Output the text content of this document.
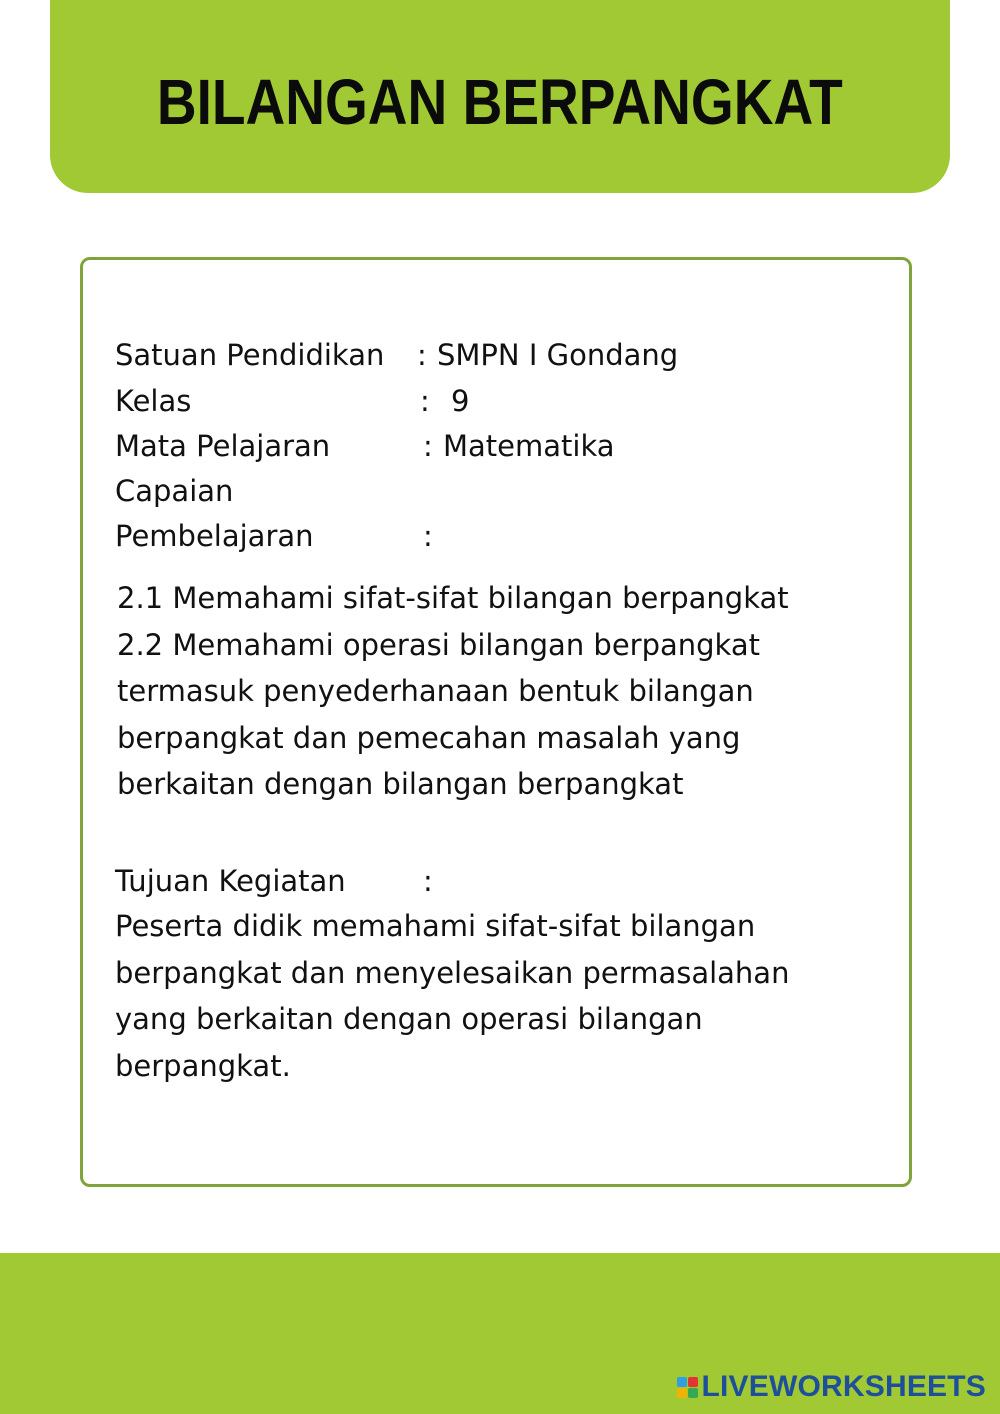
BILANGAN BERPANGKAT
Satuan Pendidikan : SMPN I Gondang
Kelas	: 9
Mata Pelajaran	: Matematika
Capaian
Pembelajaran	:
2.1 Memahami sifat-sifat bilangan berpangkat
2.2 Memahami operasi bilangan berpangkat
termasuk penyederhanaan bentuk bilangan
berpangkat dan pemecahan masalah yang
berkaitan dengan bilangan berpangkat
Tujuan Kegiatan	:
Peserta didik memahami sifat-sifat bilangan
berpangkat dan menyelesaikan permasalahan
yang berkaitan dengan operasi bilangan
berpangkat.
LIVEWORKSHEETS
